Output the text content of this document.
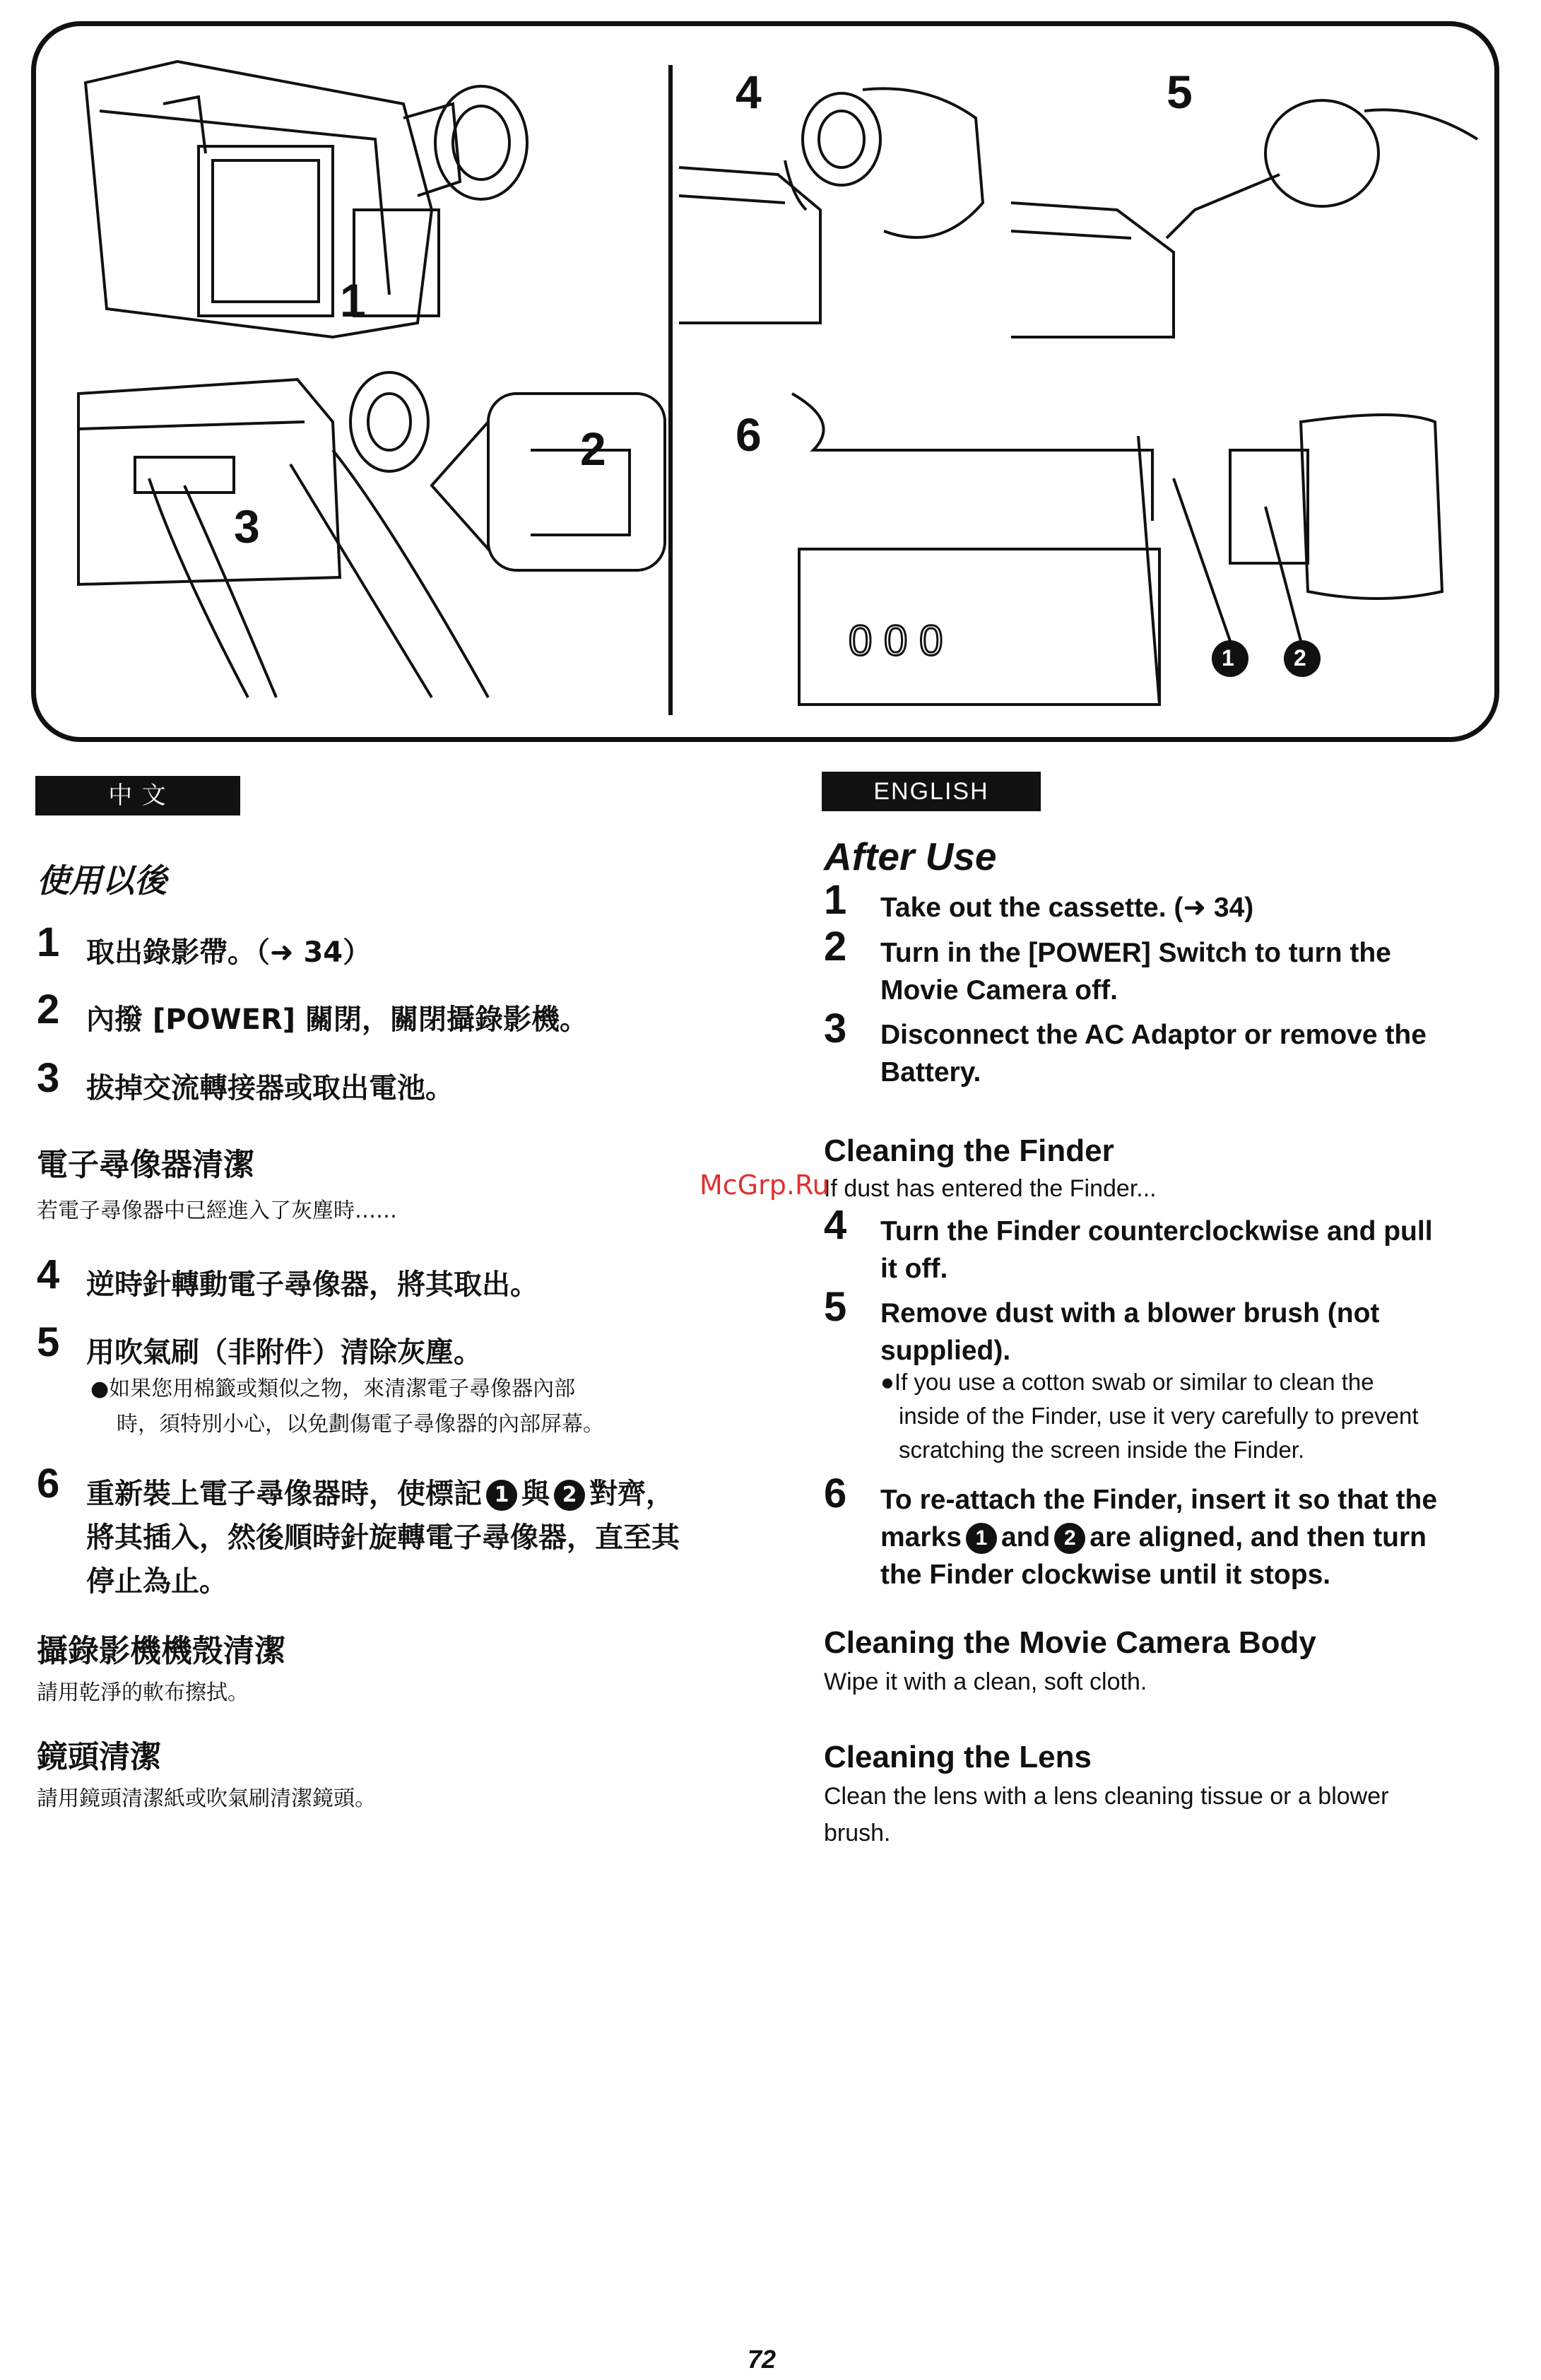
0 0 0
1
2
3
4	5
6
1	2
中 文
使用以後
1 取出錄影帶。（➜ 34）
2 內撥 [POWER] 關閉，關閉攝錄影機。
3 拔掉交流轉接器或取出電池。
電子尋像器清潔
若電子尋像器中已經進入了灰塵時……
4 逆時針轉動電子尋像器，將其取出。
5 用吹氣刷（非附件）清除灰塵。
●如果您用棉籤或類似之物，來清潔電子尋像器內部
時，須特別小心，以免劃傷電子尋像器的內部屏幕。
6 重新裝上電子尋像器時，使標記 1 與 2 對齊，
將其插入，然後順時針旋轉電子尋像器，直至其
停止為止。
攝錄影機機殼清潔
請用乾淨的軟布擦拭。
鏡頭清潔
請用鏡頭清潔紙或吹氣刷清潔鏡頭。
ENGLISH
After Use
1 Take out the cassette. (➜ 34)
2 Turn in the [POWER] Switch to turn the
Movie Camera off.
3 Disconnect the AC Adaptor or remove the
Battery.
Cleaning the Finder
If dust has entered the Finder...
4 Turn the Finder counterclockwise and pull
it off.
5 Remove dust with a blower brush (not
supplied).
●If you use a cotton swab or similar to clean the
inside of the Finder, use it very carefully to prevent
scratching the screen inside the Finder.
6 To re-attach the Finder, insert it so that the
marks 1 and 2 are aligned, and then turn
the Finder clockwise until it stops.
Cleaning the Movie Camera Body
Wipe it with a clean, soft cloth.
Cleaning the Lens
Clean the lens with a lens cleaning tissue or a blower
brush.
McGrp.Ru
72
